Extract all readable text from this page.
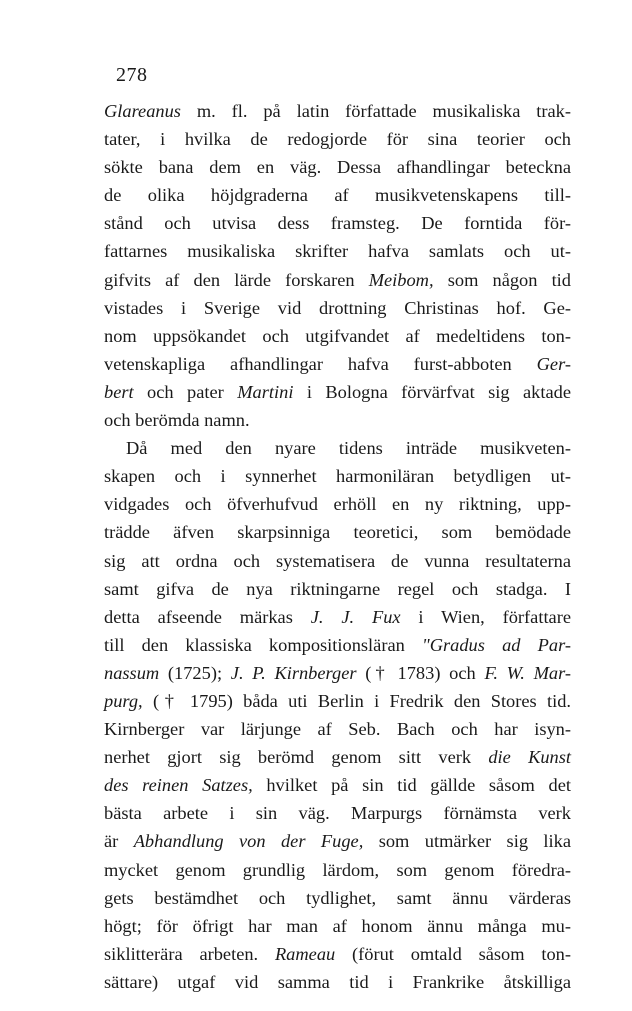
278
Glareanus m. fl. på latin författade musikaliska trak-
tater, i hvilka de redogjorde för sina teorier och
sökte bana dem en väg. Dessa afhandlingar beteckna
de olika höjdgraderna af musikvetenskapens till-
stånd och utvisa dess framsteg. De forntida för-
fattarnes musikaliska skrifter hafva samlats och ut-
gifvits af den lärde forskaren Meibom, som någon tid
vistades i Sverige vid drottning Christinas hof. Ge-
nom uppsökandet och utgifvandet af medeltidens ton-
vetenskapliga afhandlingar hafva furst-abboten Ger-
bert och pater Martini i Bologna förvärfvat sig aktade
och berömda namn.
Då med den nyare tidens inträde musikveten-
skapen och i synnerhet harmoniläran betydligen ut-
vidgades och öfverhufvud erhöll en ny riktning, upp-
trädde äfven skarpsinniga teoretici, som bemödade
sig att ordna och systematisera de vunna resultaterna
samt gifva de nya riktningarne regel och stadga. I
detta afseende märkas J. J. Fux i Wien, författare
till den klassiska kompositionsläran "Gradus ad Par-
nassum (1725); J. P. Kirnberger († 1783) och F. W. Mar-
purg, († 1795) båda uti Berlin i Fredrik den Stores tid.
Kirnberger var lärjunge af Seb. Bach och har isyn-
nerhet gjort sig berömd genom sitt verk die Kunst
des reinen Satzes, hvilket på sin tid gällde såsom det
bästa arbete i sin väg. Marpurgs förnämsta verk
är Abhandlung von der Fuge, som utmärker sig lika
mycket genom grundlig lärdom, som genom föredra-
gets bestämdhet och tydlighet, samt ännu värderas
högt; för öfrigt har man af honom ännu många mu-
siklitterära arbeten. Rameau (förut omtald såsom ton-
sättare) utgaf vid samma tid i Frankrike åtskilliga
